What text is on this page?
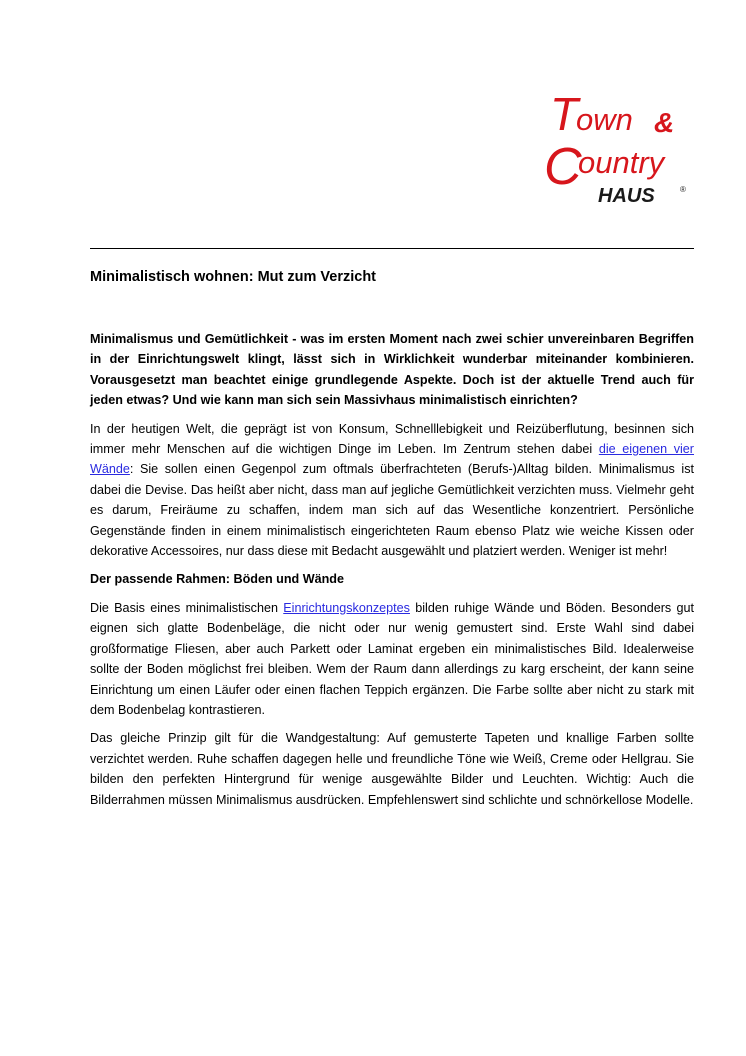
T
own &
C
ountry
HAUS	®
Minimalistisch wohnen: Mut zum Verzicht

Minimalismus und Gemütlichkeit - was im ersten Moment nach zwei schier unvereinbaren Begriffen in der Einrichtungswelt klingt, lässt sich in Wirklichkeit wunderbar miteinander kombinieren. Vorausgesetzt man beachtet einige grundlegende Aspekte. Doch ist der aktuelle Trend auch für jeden etwas? Und wie kann man sich sein Massivhaus minimalistisch einrichten?

In der heutigen Welt, die geprägt ist von Konsum, Schnelllebigkeit und Reizüberflutung, besinnen sich immer mehr Menschen auf die wichtigen Dinge im Leben. Im Zentrum stehen dabei die eigenen vier Wände: Sie sollen einen Gegenpol zum oftmals überfrachteten (Berufs-)Alltag bilden. Minimalismus ist dabei die Devise. Das heißt aber nicht, dass man auf jegliche Gemütlichkeit verzichten muss. Vielmehr geht es darum, Freiräume zu schaffen, indem man sich auf das Wesentliche konzentriert. Persönliche Gegenstände finden in einem minimalistisch eingerichteten Raum ebenso Platz wie weiche Kissen oder dekorative Accessoires, nur dass diese mit Bedacht ausgewählt und platziert werden. Weniger ist mehr!

Der passende Rahmen: Böden und Wände

Die Basis eines minimalistischen Einrichtungskonzeptes bilden ruhige Wände und Böden. Besonders gut eignen sich glatte Bodenbeläge, die nicht oder nur wenig gemustert sind. Erste Wahl sind dabei großformatige Fliesen, aber auch Parkett oder Laminat ergeben ein minimalistisches Bild. Idealerweise sollte der Boden möglichst frei bleiben. Wem der Raum dann allerdings zu karg erscheint, der kann seine Einrichtung um einen Läufer oder einen flachen Teppich ergänzen. Die Farbe sollte aber nicht zu stark mit dem Bodenbelag kontrastieren.

Das gleiche Prinzip gilt für die Wandgestaltung: Auf gemusterte Tapeten und knallige Farben sollte verzichtet werden. Ruhe schaffen dagegen helle und freundliche Töne wie Weiß, Creme oder Hellgrau. Sie bilden den perfekten Hintergrund für wenige ausgewählte Bilder und Leuchten. Wichtig: Auch die Bilderrahmen müssen Minimalismus ausdrücken. Empfehlenswert sind schlichte und schnörkellose Modelle.
